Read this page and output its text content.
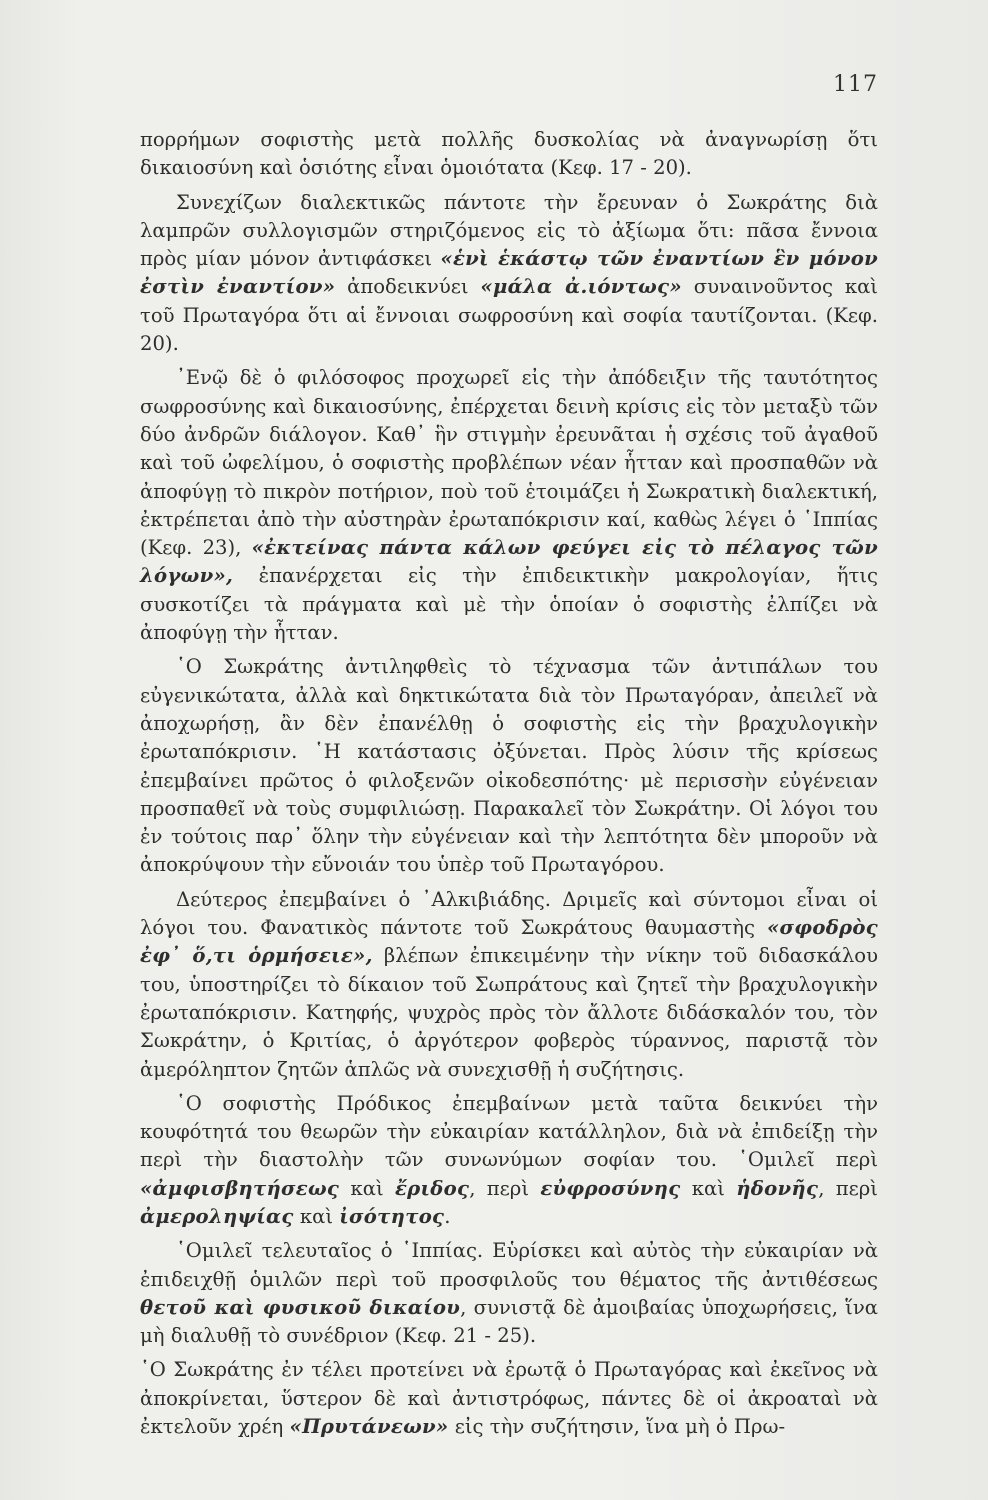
117

πορρήμων σοφιστὴς μετὰ πολλῆς δυσκολίας νὰ ἀναγνωρίσῃ ὅτι δικαιοσύνη καὶ ὁσιότης εἶναι ὁμοιότατα (Κεφ. 17 - 20).

Συνεχίζων διαλεκτικῶς πάντοτε τὴν ἔρευναν ὁ Σωκράτης διὰ λαμπρῶν συλλογισμῶν στηριζόμενος εἰς τὸ ἀξίωμα ὅτι: πᾶσα ἔννοια πρὸς μίαν μόνον ἀντιφάσκει «ἑνὶ ἑκάστῳ τῶν ἐναντίων ἓν μόνον ἐστὶν ἐναντίον» ἀποδεικνύει «μάλα ἀ.ιόντως» συναινοῦντος καὶ τοῦ Πρωταγόρα ὅτι αἱ ἔννοιαι σωφροσύνη καὶ σοφία ταυτίζονται. (Κεφ. 20).

᾿Ενῷ δὲ ὁ φιλόσοφος προχωρεῖ εἰς τὴν ἀπόδειξιν τῆς ταυτότητος σωφροσύνης καὶ δικαιοσύνης, ἐπέρχεται δεινὴ κρίσις εἰς τὸν μεταξὺ τῶν δύο ἀνδρῶν διάλογον. Καθ᾿ ἣν στιγμὴν ἐρευνᾶται ἡ σχέσις τοῦ ἀγαθοῦ καὶ τοῦ ὠφελίμου, ὁ σοφιστὴς προβλέπων νέαν ἧτταν καὶ προσπαθῶν νὰ ἀποφύγῃ τὸ πικρὸν ποτήριον, ποὺ τοῦ ἑτοιμάζει ἡ Σωκρατικὴ διαλεκτική, ἐκτρέπεται ἀπὸ τὴν αὐστηρὰν ἐρωταπόκρισιν καί, καθὼς λέγει ὁ ῾Ιππίας (Κεφ. 23), «ἐκτείνας πάντα κάλων φεύγει εἰς τὸ πέλαγος τῶν λόγων», ἐπανέρχεται εἰς τὴν ἐπιδεικτικὴν μακρολογίαν, ἥτις συσκοτίζει τὰ πράγματα καὶ μὲ τὴν ὁποίαν ὁ σοφιστὴς ἐλπίζει νὰ ἀποφύγῃ τὴν ἧτταν.

῾Ο Σωκράτης ἀντιληφθεὶς τὸ τέχνασμα τῶν ἀντιπάλων του εὐγενικώτατα, ἀλλὰ καὶ δηκτικώτατα διὰ τὸν Πρωταγόραν, ἀπειλεῖ νὰ ἀποχωρήσῃ, ἂν δὲν ἐπανέλθῃ ὁ σοφιστὴς εἰς τὴν βραχυλογικὴν ἐρωταπόκρισιν. ῾Η κατάστασις ὀξύνεται. Πρὸς λύσιν τῆς κρίσεως ἐπεμβαίνει πρῶτος ὁ φιλοξενῶν οἰκοδεσπότης· μὲ περισσὴν εὐγένειαν προσπαθεῖ νὰ τοὺς συμφιλιώσῃ. Παρακαλεῖ τὸν Σωκράτην. Οἱ λόγοι του ἐν τούτοις παρ᾿ ὅλην τὴν εὐγένειαν καὶ τὴν λεπτότητα δὲν μποροῦν νὰ ἀποκρύψουν τὴν εὔνοιάν του ὑπὲρ τοῦ Πρωταγόρου.

Δεύτερος ἐπεμβαίνει ὁ ᾿Αλκιβιάδης. Δριμεῖς καὶ σύντομοι εἶναι οἱ λόγοι του. Φανατικὸς πάντοτε τοῦ Σωκράτους θαυμαστὴς «σφοδρὸς ἐφ᾿ ὅ,τι ὁρμήσειε», βλέπων ἐπικειμένην τὴν νίκην τοῦ διδασκάλου του, ὑποστηρίζει τὸ δίκαιον τοῦ Σωπράτους καὶ ζητεῖ τὴν βραχυλογικὴν ἐρωταπόκρισιν. Κατηφής, ψυχρὸς πρὸς τὸν ἄλλοτε διδάσκαλόν του, τὸν Σωκράτην, ὁ Κριτίας, ὁ ἀργότερον φοβερὸς τύραννος, παριστᾷ τὸν ἀμερόληπτον ζητῶν ἁπλῶς νὰ συνεχισθῇ ἡ συζήτησις.

῾Ο σοφιστὴς Πρόδικος ἐπεμβαίνων μετὰ ταῦτα δεικνύει τὴν κουφότητά του θεωρῶν τὴν εὐκαιρίαν κατάλληλον, διὰ νὰ ἐπιδείξῃ τὴν περὶ τὴν διαστολὴν τῶν συνωνύμων σοφίαν του. ῾Ομιλεῖ περὶ «ἀμφισβητήσεως καὶ ἔριδος, περὶ εὐφροσύνης καὶ ἡδονῆς, περὶ ἀμεροληψίας καὶ ἰσότητος.

῾Ομιλεῖ τελευταῖος ὁ ῾Ιππίας. Εὑρίσκει καὶ αὐτὸς τὴν εὐκαιρίαν νὰ ἐπιδειχθῇ ὁμιλῶν περὶ τοῦ προσφιλοῦς του θέματος τῆς ἀντιθέσεως θετοῦ καὶ φυσικοῦ δικαίου, συνιστᾷ δὲ ἀμοιβαίας ὑποχωρήσεις, ἵνα μὴ διαλυθῇ τὸ συνέδριον (Κεφ. 21 - 25).

῾Ο Σωκράτης ἐν τέλει προτείνει νὰ ἐρωτᾷ ὁ Πρωταγόρας καὶ ἐκεῖνος νὰ ἀποκρίνεται, ὕστερον δὲ καὶ ἀντιστρόφως, πάντες δὲ οἱ ἀκροαταὶ νὰ ἐκτελοῦν χρέη «Πρυτάνεων» εἰς τὴν συζήτησιν, ἵνα μὴ ὁ Πρω-
